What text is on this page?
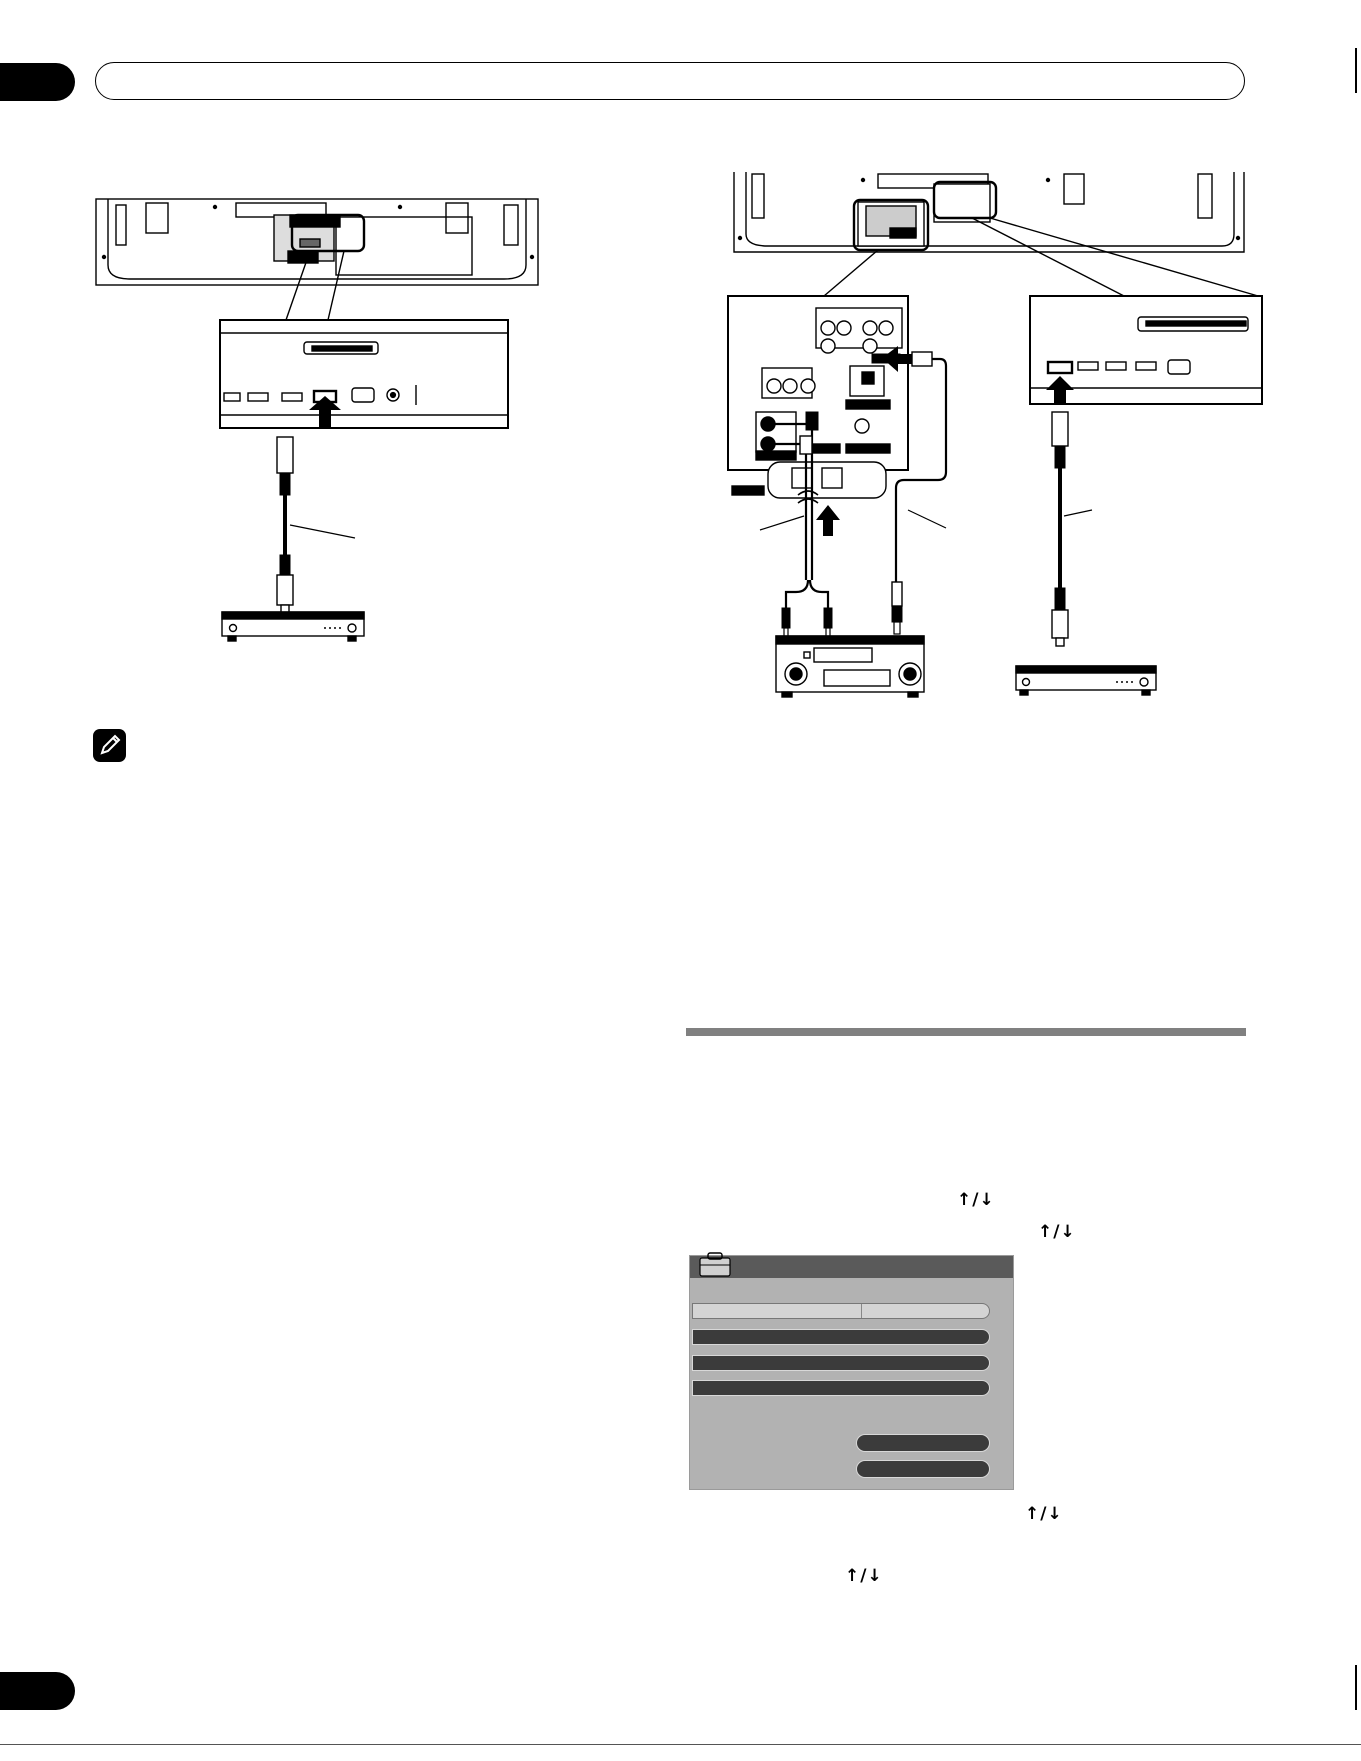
↑/↓
↑/↓
↑/↓
↑/↓
